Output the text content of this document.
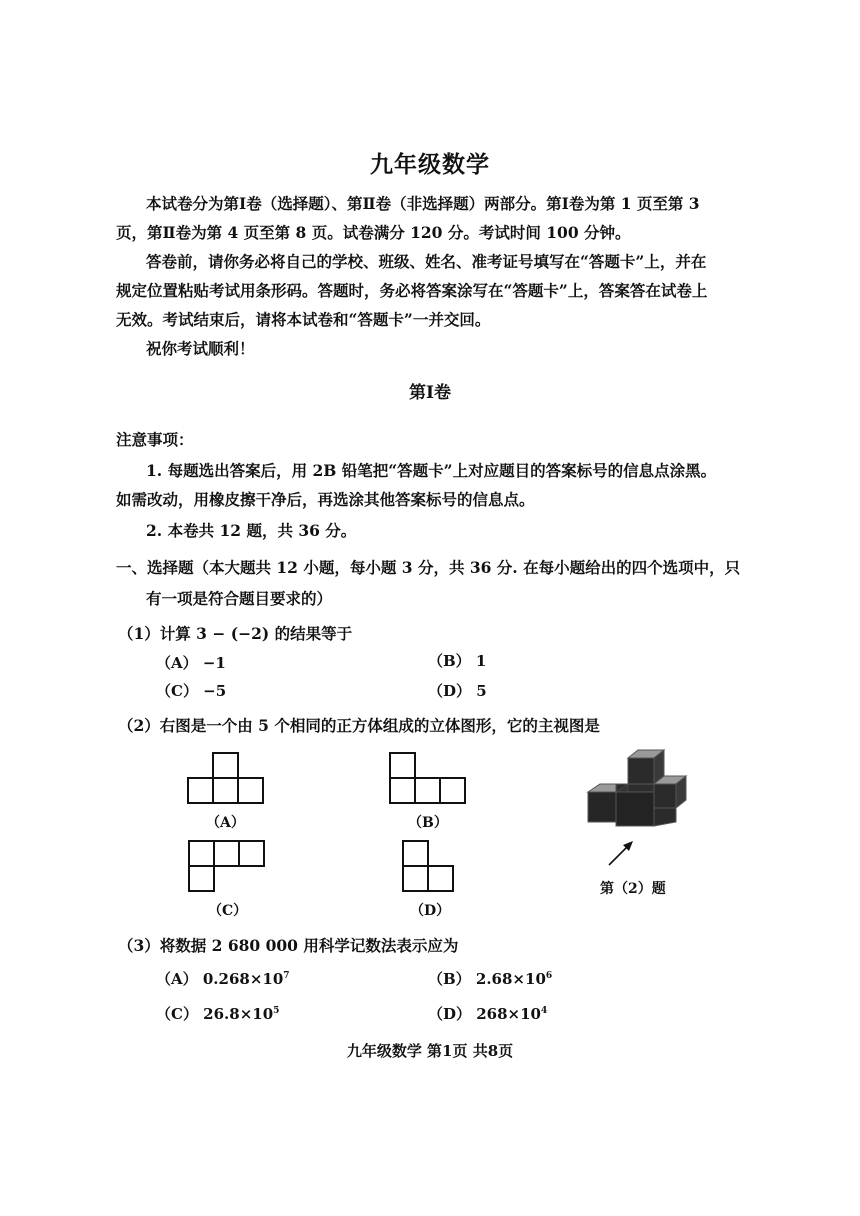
九年级数学
本试卷分为第Ⅰ卷（选择题）、第Ⅱ卷（非选择题）两部分。第Ⅰ卷为第 1 页至第 3
页，第Ⅱ卷为第 4 页至第 8 页。试卷满分 120 分。考试时间 100 分钟。
答卷前，请你务必将自己的学校、班级、姓名、准考证号填写在“答题卡”上，并在
规定位置粘贴考试用条形码。答题时，务必将答案涂写在“答题卡”上，答案答在试卷上
无效。考试结束后，请将本试卷和“答题卡”一并交回。
祝你考试顺利！
第Ⅰ卷
注意事项：
1. 每题选出答案后，用 2B 铅笔把“答题卡”上对应题目的答案标号的信息点涂黑。
如需改动，用橡皮擦干净后，再选涂其他答案标号的信息点。
2. 本卷共 12 题，共 36 分。
一、选择题（本大题共 12 小题，每小题 3 分，共 36 分. 在每小题给出的四个选项中，只
有一项是符合题目要求的）
（1）计算 3 − (−2) 的结果等于
（A） −1	（B） 1
（C） −5	（D） 5
（2）右图是一个由 5 个相同的正方体组成的立体图形，它的主视图是
（A）	（B）
（C）	（D）
第（2）题
（3）将数据 2 680 000 用科学记数法表示应为
（A） $0.268\times 10^7$	（B） $2.68\times 10^6$
（C） $26.8\times 10^5$	（D） $268\times 10^4$
九年级数学 第1页 共8页
